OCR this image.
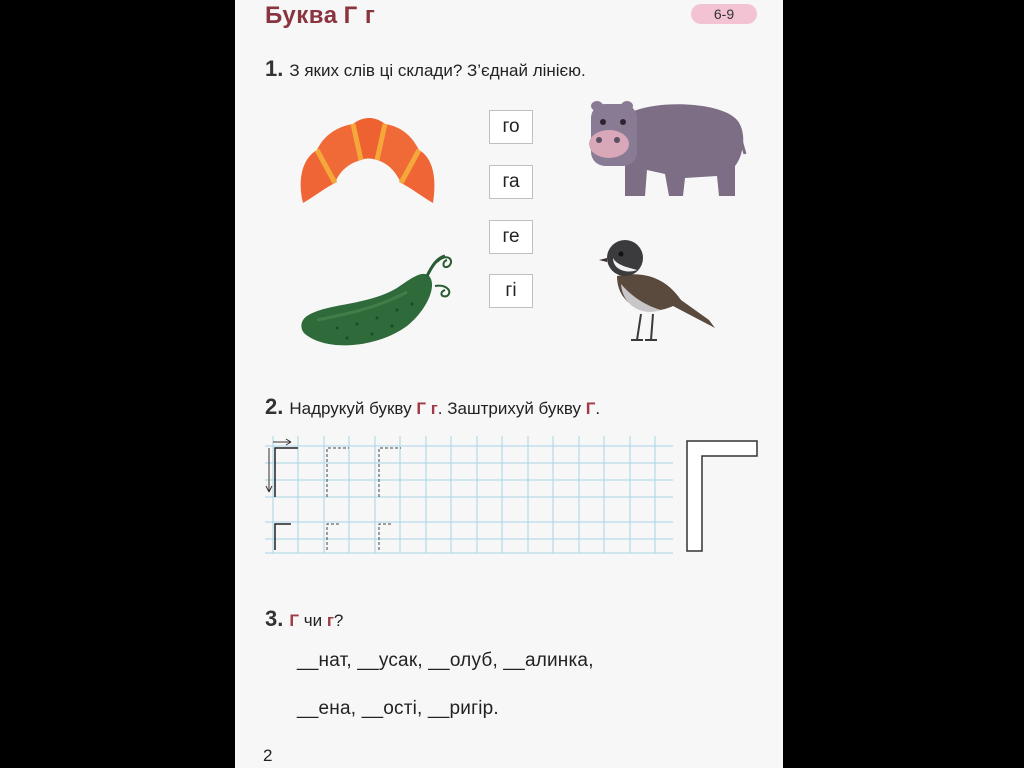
Буква Г г	6-9
1. З яких слів ці склади? З’єднай лінією.
го
га
ге
гі
2. Надрукуй букву Г г. Заштрихуй букву Г.
3. Г чи г?
__нат, __усак, __олуб, __алинка,
__ена, __ості, __ригір.
2
